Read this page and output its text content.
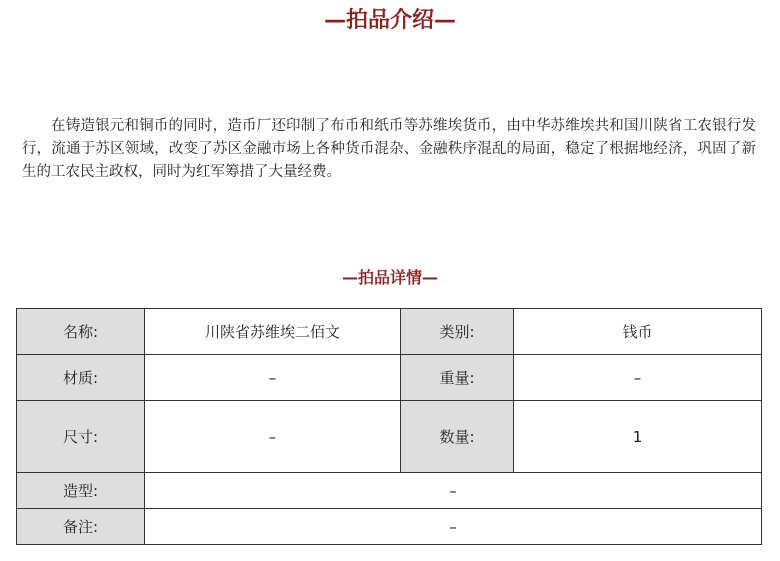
—拍品介绍—

在铸造银元和铜币的同时，造币厂还印制了布币和纸币等苏维埃货币，由中华苏维埃共和国川陕省工农银行发行，流通于苏区领域，改变了苏区金融市场上各种货币混杂、金融秩序混乱的局面，稳定了根据地经济，巩固了新生的工农民主政权，同时为红军筹措了大量经费。

—拍品详情—
名称:	川陕省苏维埃二佰文	类别:	钱币
材质:	–	重量:	–
尺寸:	–	数量:	1
造型:	–		
备注:	–		
